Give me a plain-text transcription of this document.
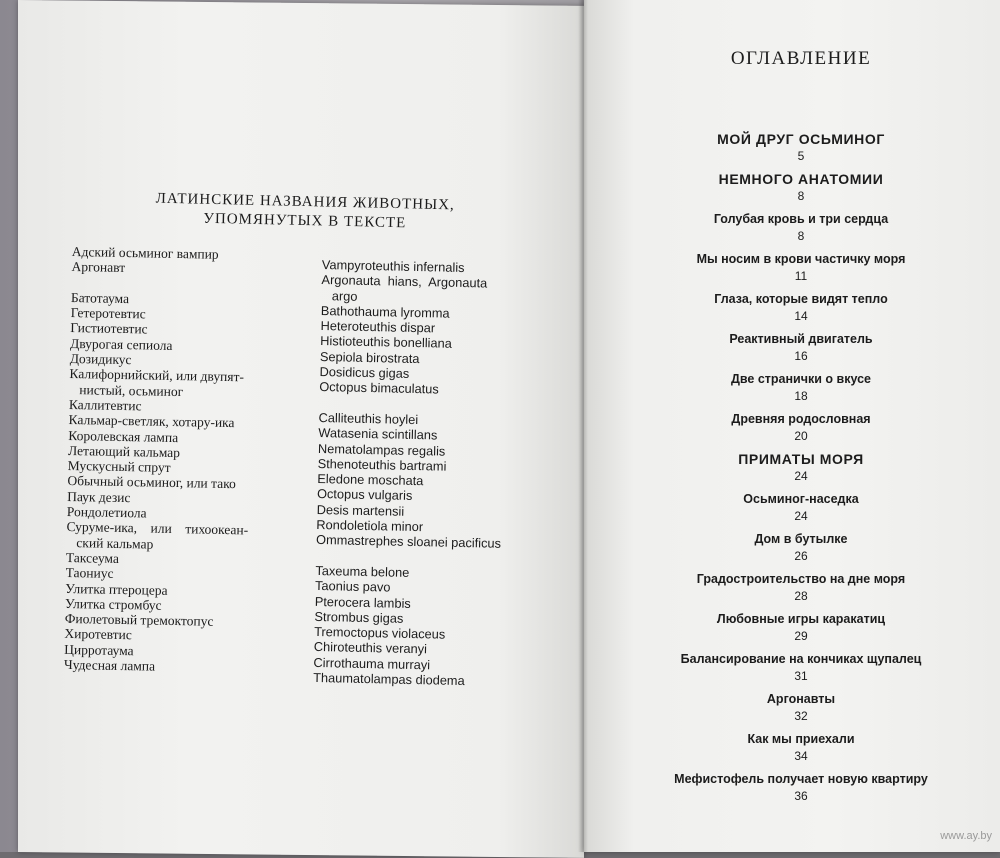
ЛАТИНСКИЕ НАЗВАНИЯ ЖИВОТНЫХ,
УПОМЯНУТЫХ В ТЕКСТЕ
Адский осьминог вампир
Аргонавт

Батотаума
Гетеротевтис
Гистиотевтис
Двурогая сепиола
Дозидикус
Калифорнийский, или двупят-
нистый, осьминог
Каллитевтис
Кальмар-светляк, хотару-ика
Королевская лампа
Летающий кальмар
Мускусный спрут
Обычный осьминог, или тако
Паук дезис
Рондолетиола
Суруме-ика,    или    тихоокеан-
ский кальмар
Таксеума
Таониус
Улитка птероцера
Улитка стромбус
Фиолетовый тремоктопус
Хиротевтис
Цирротаума
Чудесная лампа
Vampyroteuthis infernalis
Argonauta  hians,  Argonauta
argo
Bathothauma lyromma
Heteroteuthis dispar
Histioteuthis bonelliana
Sepiola birostrata
Dosidicus gigas
Octopus bimaculatus

Calliteuthis hoylei
Watasenia scintillans
Nematolampas regalis
Sthenoteuthis bartrami
Eledone moschata
Octopus vulgaris
Desis martensii
Rondoletiola minor
Ommastrephes sloanei pacificus

Taxeuma belone
Taonius pavo
Pterocera lambis
Strombus gigas
Tremoctopus violaceus
Chiroteuthis veranyi
Cirrothauma murrayi
Thaumatolampas diodema
ОГЛАВЛЕНИЕ
МОЙ ДРУГ ОСЬМИНОГ
5
НЕМНОГО АНАТОМИИ
8
Голубая кровь и три сердца
8
Мы носим в крови частичку моря
11
Глаза, которые видят тепло
14
Реактивный двигатель
16
Две странички о вкусе
18
Древняя родословная
20
ПРИМАТЫ МОРЯ
24
Осьминог-наседка
24
Дом в бутылке
26
Градостроительство на дне моря
28
Любовные игры каракатиц
29
Балансирование на кончиках щупалец
31
Аргонавты
32
Как мы приехали
34
Мефистофель получает новую квартиру
36
www.ay.by
